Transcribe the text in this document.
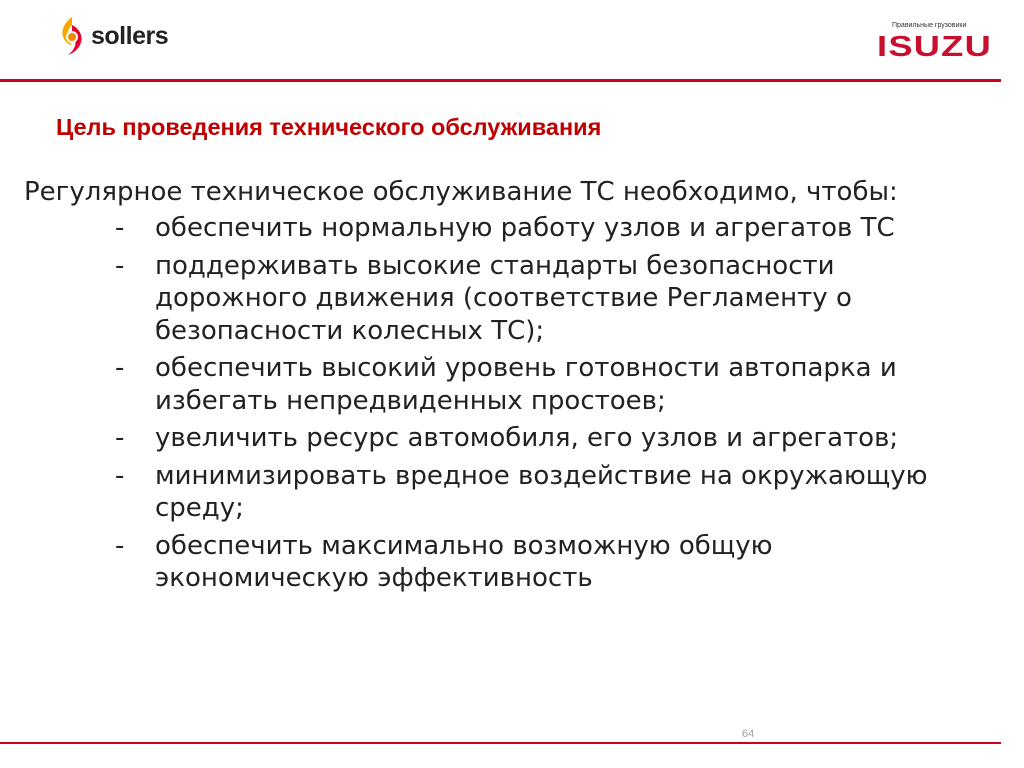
sollers	Правильные грузовики
ISUZU
Цель проведения технического обслуживания

Регулярное техническое обслуживание ТС необходимо, чтобы:

- обеспечить нормальную работу узлов и агрегатов ТС
- поддерживать высокие стандарты безопасности дорожного движения (соответствие Регламенту о безопасности колесных ТС);
- обеспечить высокий уровень готовности автопарка и избегать непредвиденных простоев;
- увеличить ресурс автомобиля, его узлов и агрегатов;
- минимизировать вредное воздействие на окружающую среду;
- обеспечить максимально возможную общую экономическую эффективность
64
